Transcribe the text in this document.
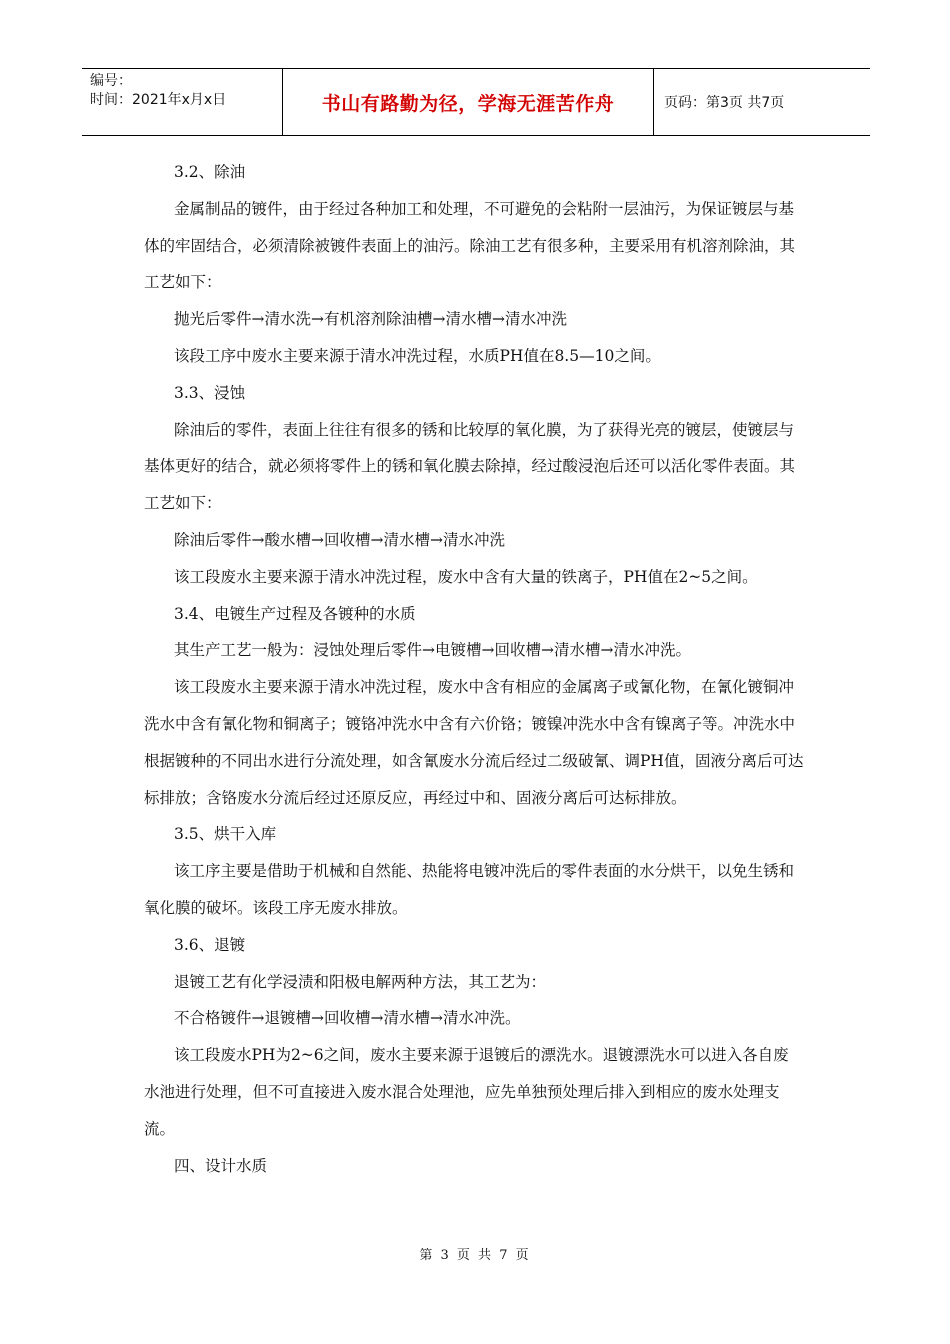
编号：
时间：2021年x月x日	书山有路勤为径，学海无涯苦作舟	页码：第3页 共7页

3.2、除油

金属制品的镀件，由于经过各种加工和处理，不可避免的会粘附一层油污，为保证镀层与基体的牢固结合，必须清除被镀件表面上的油污。除油工艺有很多种，主要采用有机溶剂除油，其工艺如下：

抛光后零件→清水洗→有机溶剂除油槽→清水槽→清水冲洗

该段工序中废水主要来源于清水冲洗过程，水质PH值在8.5—10之间。

3.3、浸蚀

除油后的零件，表面上往往有很多的锈和比较厚的氧化膜，为了获得光亮的镀层，使镀层与基体更好的结合，就必须将零件上的锈和氧化膜去除掉，经过酸浸泡后还可以活化零件表面。其工艺如下：

除油后零件→酸水槽→回收槽→清水槽→清水冲洗

该工段废水主要来源于清水冲洗过程，废水中含有大量的铁离子，PH值在2~5之间。

3.4、电镀生产过程及各镀种的水质

其生产工艺一般为：浸蚀处理后零件→电镀槽→回收槽→清水槽→清水冲洗。

该工段废水主要来源于清水冲洗过程，废水中含有相应的金属离子或氰化物，在氰化镀铜冲洗水中含有氰化物和铜离子；镀铬冲洗水中含有六价铬；镀镍冲洗水中含有镍离子等。冲洗水中根据镀种的不同出水进行分流处理，如含氰废水分流后经过二级破氰、调PH值，固液分离后可达标排放；含铬废水分流后经过还原反应，再经过中和、固液分离后可达标排放。

3.5、烘干入库

该工序主要是借助于机械和自然能、热能将电镀冲洗后的零件表面的水分烘干，以免生锈和氧化膜的破坏。该段工序无废水排放。

3.6、退镀

退镀工艺有化学浸渍和阳极电解两种方法，其工艺为：

不合格镀件→退镀槽→回收槽→清水槽→清水冲洗。

该工段废水PH为2~6之间，废水主要来源于退镀后的漂洗水。退镀漂洗水可以进入各自废水池进行处理，但不可直接进入废水混合处理池，应先单独预处理后排入到相应的废水处理支流。

四、设计水质

第 3 页 共 7 页
